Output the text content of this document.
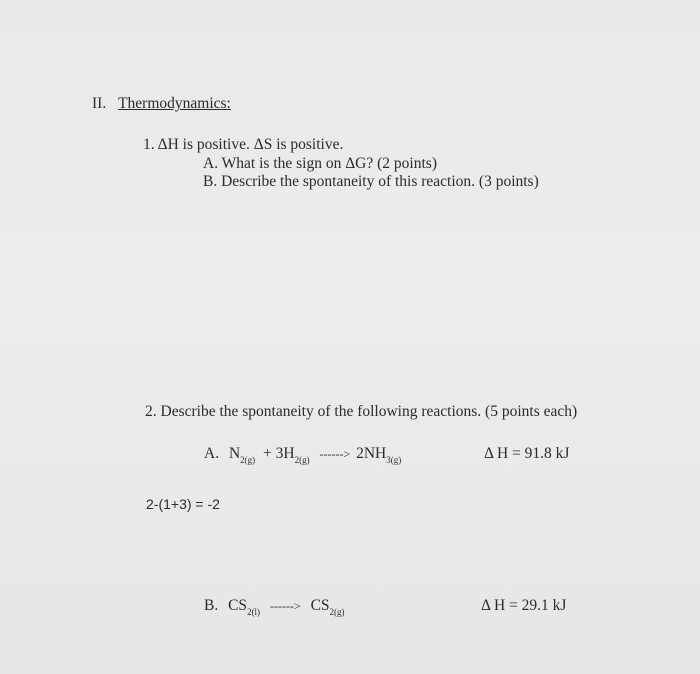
II. Thermodynamics:
1. ΔH is positive. ΔS is positive.
A. What is the sign on ΔG? (2 points)
B. Describe the spontaneity of this reaction. (3 points)
2. Describe the spontaneity of the following reactions. (5 points each)
A. $N_{2(g)} + 3H_{2(g)}$ ------> $2NH_{3(g)}$	Δ H = 91.8 kJ
2-(1+3) = -2
B. $CS_{2(l)}$ ------> $CS_{2(g)}$	Δ H = 29.1 kJ
